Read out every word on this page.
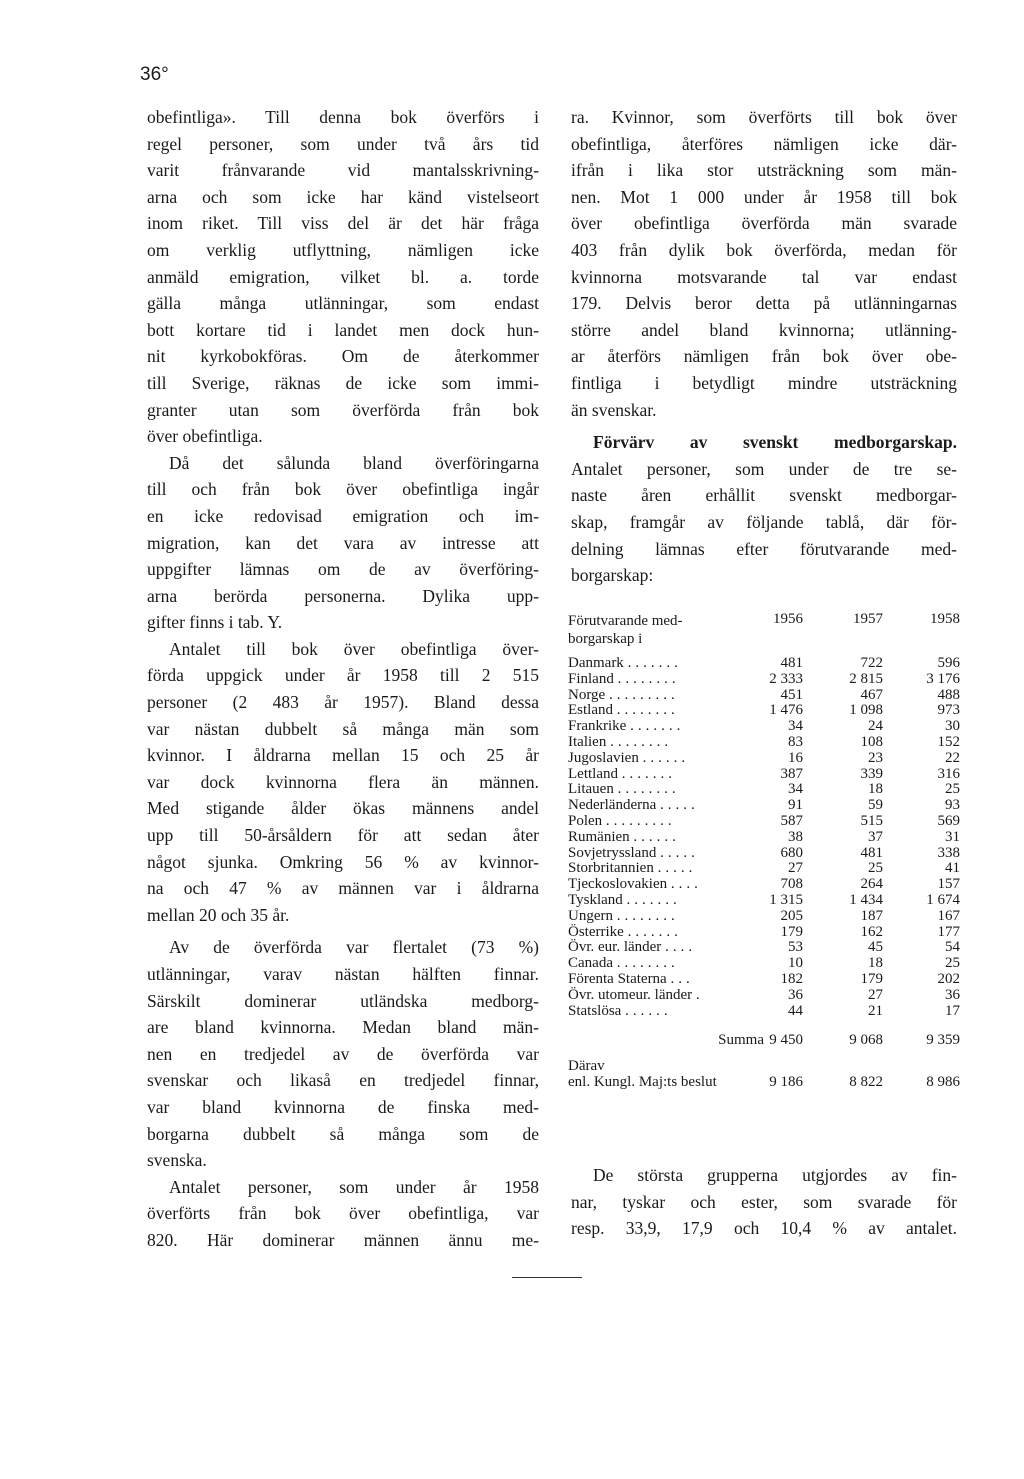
36°
obefintliga». Till denna bok överförs i
regel personer, som under två års tid
varit frånvarande vid mantalsskrivning-
arna och som icke har känd vistelseort
inom riket. Till viss del är det här fråga
om verklig utflyttning, nämligen icke
anmäld emigration, vilket bl. a. torde
gälla många utlänningar, som endast
bott kortare tid i landet men dock hun-
nit kyrkobokföras. Om de återkommer
till Sverige, räknas de icke som immi-
granter utan som överförda från bok
över obefintliga.
Då det sålunda bland överföringarna
till och från bok över obefintliga ingår
en icke redovisad emigration och im-
migration, kan det vara av intresse att
uppgifter lämnas om de av överföring-
arna berörda personerna. Dylika upp-
gifter finns i tab. Y.
Antalet till bok över obefintliga över-
förda uppgick under år 1958 till 2 515
personer (2 483 år 1957). Bland dessa
var nästan dubbelt så många män som
kvinnor. I åldrarna mellan 15 och 25 år
var dock kvinnorna flera än männen.
Med stigande ålder ökas männens andel
upp till 50-årsåldern för att sedan åter
något sjunka. Omkring 56 % av kvinnor-
na och 47 % av männen var i åldrarna
mellan 20 och 35 år.
Av de överförda var flertalet (73 %)
utlänningar, varav nästan hälften finnar.
Särskilt dominerar utländska medborg-
are bland kvinnorna. Medan bland män-
nen en tredjedel av de överförda var
svenskar och likaså en tredjedel finnar,
var bland kvinnorna de finska med-
borgarna dubbelt så många som de
svenska.
Antalet personer, som under år 1958
överförts från bok över obefintliga, var
820. Här dominerar männen ännu me-
ra. Kvinnor, som överförts till bok över
obefintliga, återföres nämligen icke där-
ifrån i lika stor utsträckning som män-
nen. Mot 1 000 under år 1958 till bok
över obefintliga överförda män svarade
403 från dylik bok överförda, medan för
kvinnorna motsvarande tal var endast
179. Delvis beror detta på utlänningarnas
större andel bland kvinnorna; utlänning-
ar återförs nämligen från bok över obe-
fintliga i betydligt mindre utsträckning
än svenskar.
Förvärv av svenskt medborgarskap.
Antalet personer, som under de tre se-
naste åren erhållit svenskt medborgar-
skap, framgår av följande tablå, där för-
delning lämnas efter förutvarande med-
borgarskap:
Förutvarande med- borgarskap i
1956	1957	1958
Danmark .......	481	722	596
Finland ........	2 333	2 815	3 176
Norge .........	451	467	488
Estland ........	1 476	1 098	973
Frankrike .......	34	24	30
Italien ........	83	108	152
Jugoslavien ......	16	23	22
Lettland .......	387	339	316
Litauen ........	34	18	25
Nederländerna .....	91	59	93
Polen .........	587	515	569
Rumänien ......	38	37	31
Sovjetryssland .....	680	481	338
Storbritannien .....	27	25	41
Tjeckoslovakien ....	708	264	157
Tyskland .......	1 315	1 434	1 674
Ungern ........	205	187	167
Österrike .......	179	162	177
Övr. eur. länder ....	53	45	54
Canada ........	10	18	25
Förenta Staterna ...	182	179	202
Övr. utomeur. länder .	36	27	36
Statslösa ......	44	21	17
Summa 9 450	9 068	9 359
Därav
enl. Kungl. Maj:ts beslut	9 186	8 822	8 986
De största grupperna utgjordes av fin-
nar, tyskar och ester, som svarade för
resp. 33,9, 17,9 och 10,4 % av antalet.
